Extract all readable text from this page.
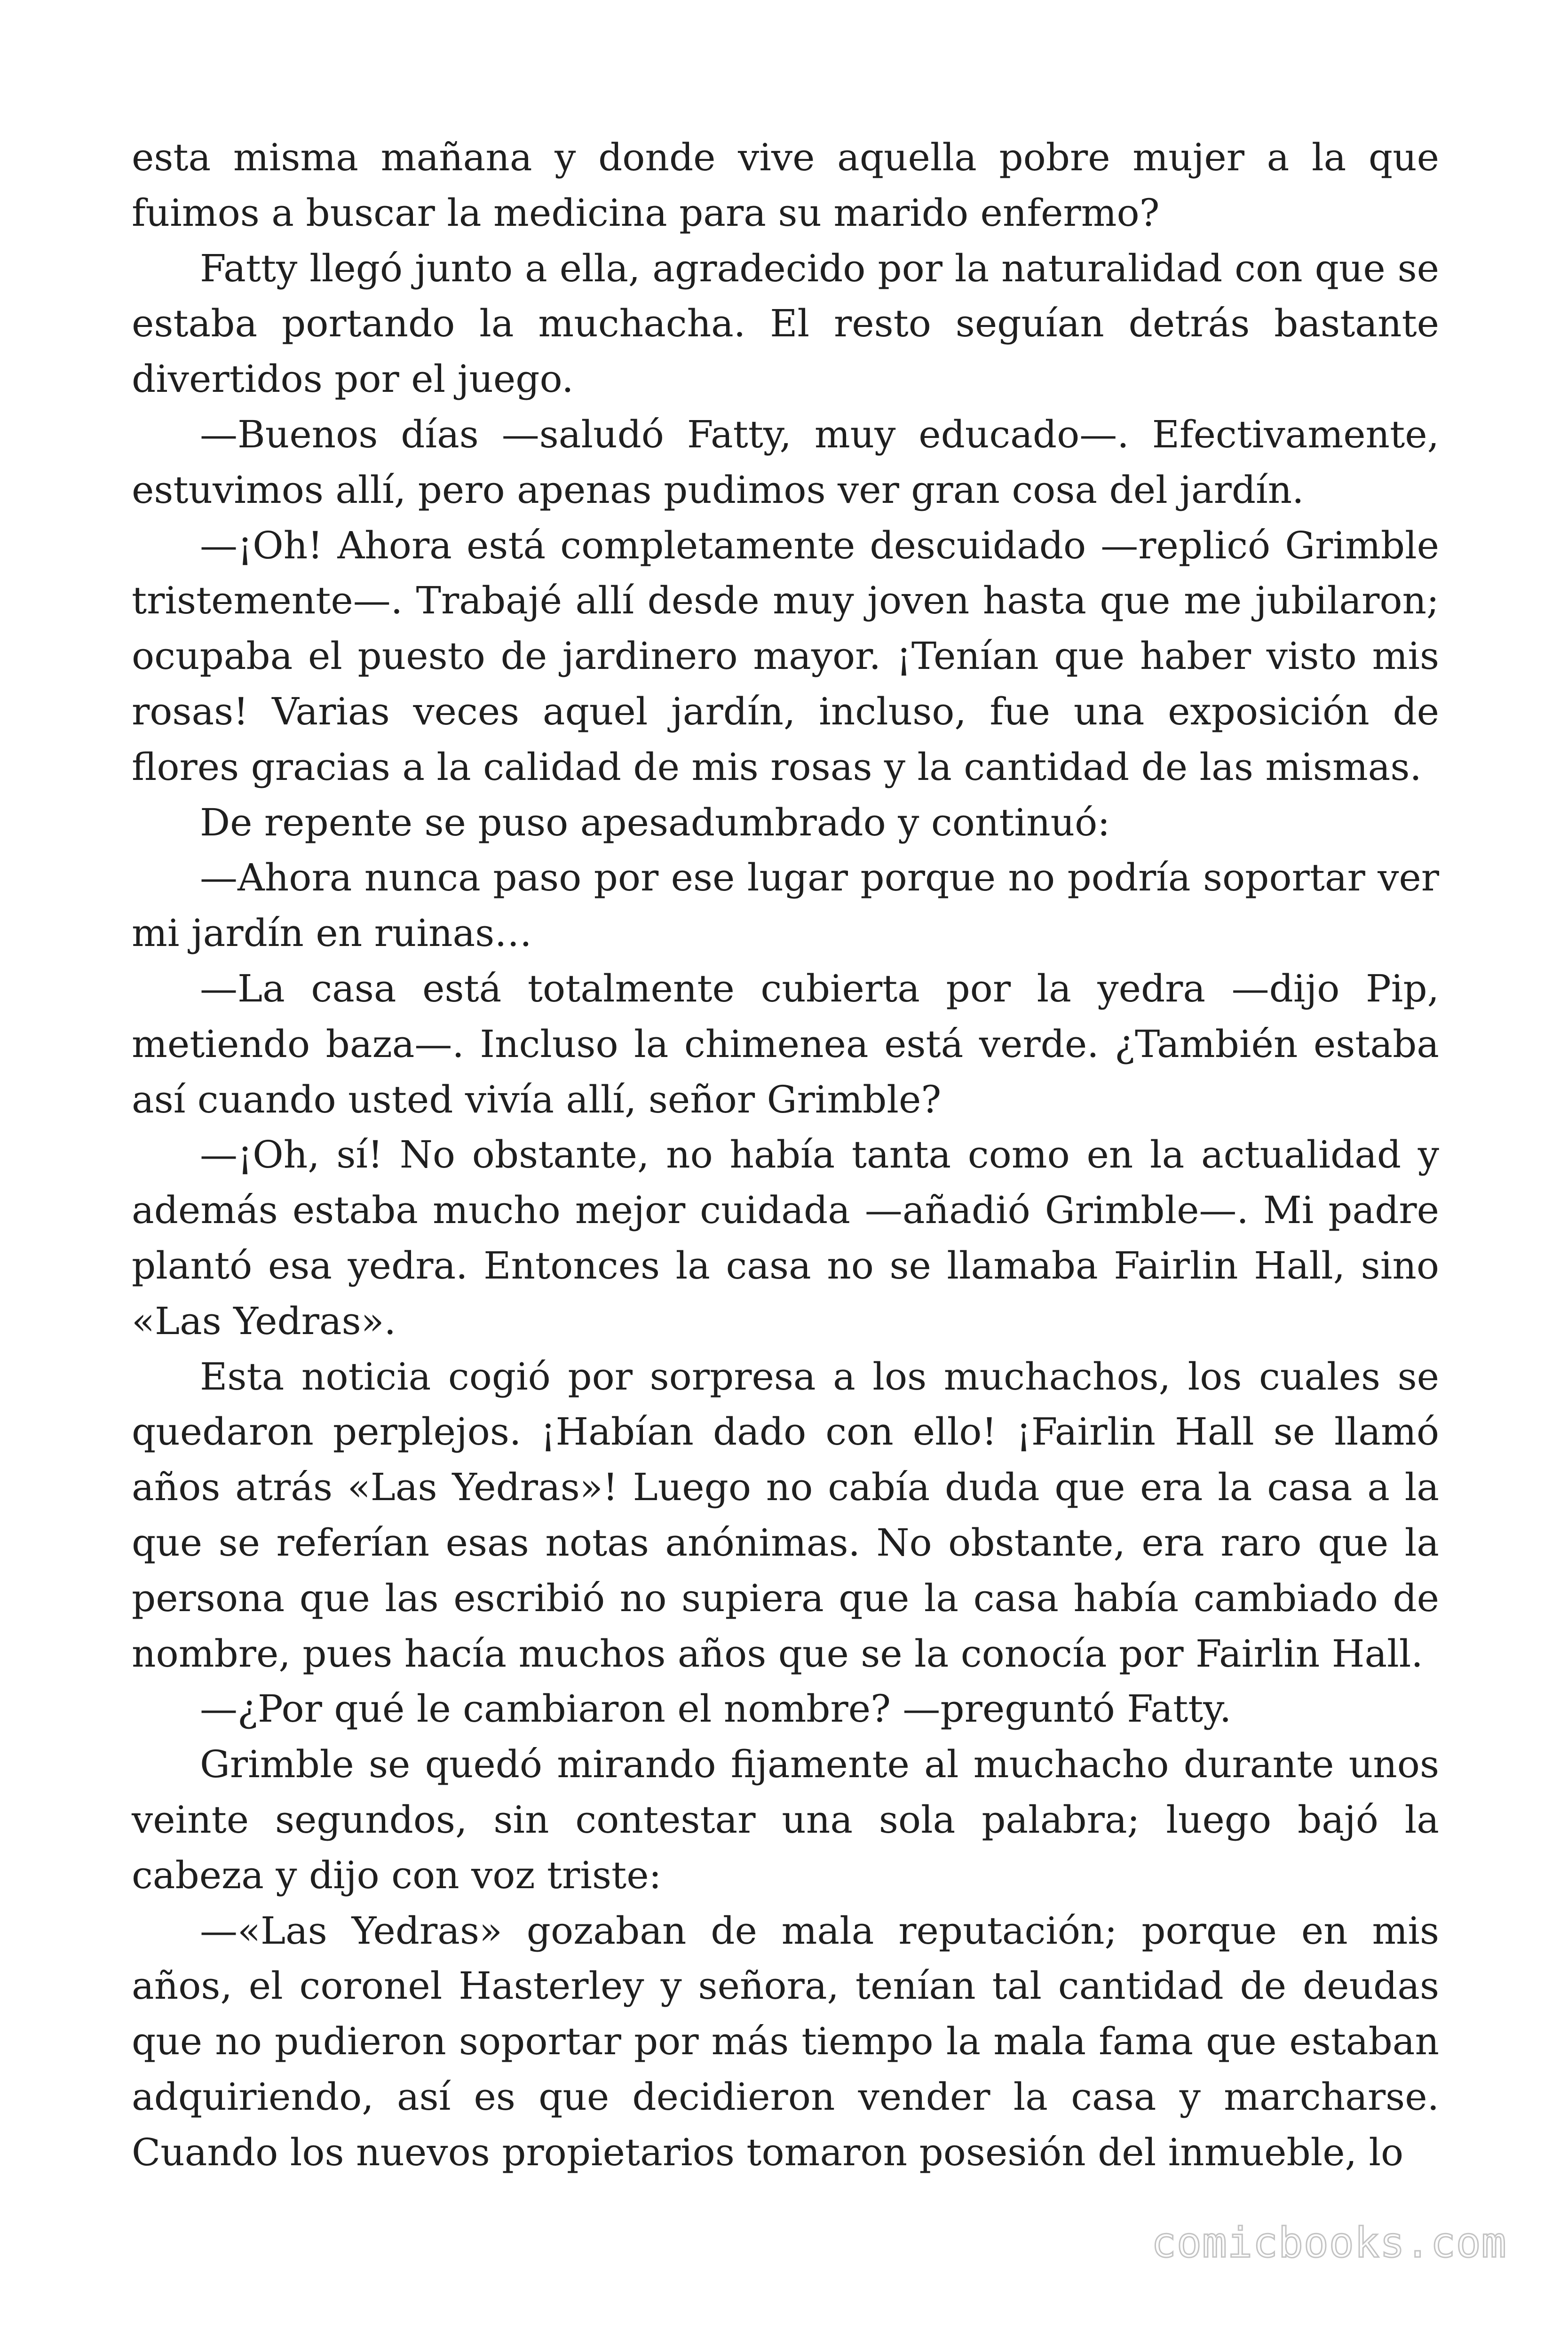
esta misma mañana y donde vive aquella pobre mujer a la que fuimos a buscar la medicina para su marido enfermo?

Fatty llegó junto a ella, agradecido por la naturalidad con que se estaba portando la muchacha. El resto seguían detrás bastante divertidos por el juego.

—Buenos días —saludó Fatty, muy educado—. Efectivamente, estuvimos allí, pero apenas pudimos ver gran cosa del jardín.

—¡Oh! Ahora está completamente descuidado —replicó Grimble tristemente—. Trabajé allí desde muy joven hasta que me jubilaron; ocupaba el puesto de jardinero mayor. ¡Tenían que haber visto mis rosas! Varias veces aquel jardín, incluso, fue una exposición de flores gracias a la calidad de mis rosas y la cantidad de las mismas.

De repente se puso apesadumbrado y continuó:

—Ahora nunca paso por ese lugar porque no podría soportar ver mi jardín en ruinas…

—La casa está totalmente cubierta por la yedra —dijo Pip, metiendo baza—. Incluso la chimenea está verde. ¿También estaba así cuando usted vivía allí, señor Grimble?

—¡Oh, sí! No obstante, no había tanta como en la actualidad y además estaba mucho mejor cuidada —añadió Grimble—. Mi padre plantó esa yedra. Entonces la casa no se llamaba Fairlin Hall, sino «Las Yedras».

Esta noticia cogió por sorpresa a los muchachos, los cuales se quedaron perplejos. ¡Habían dado con ello! ¡Fairlin Hall se llamó años atrás «Las Yedras»! Luego no cabía duda que era la casa a la que se referían esas notas anónimas. No obstante, era raro que la persona que las escribió no supiera que la casa había cambiado de nombre, pues hacía muchos años que se la conocía por Fairlin Hall.

—¿Por qué le cambiaron el nombre? —preguntó Fatty.

Grimble se quedó mirando fijamente al muchacho durante unos veinte segundos, sin contestar una sola palabra; luego bajó la cabeza y dijo con voz triste:

—«Las Yedras» gozaban de mala reputación; porque en mis años, el coronel Hasterley y señora, tenían tal cantidad de deudas que no pudieron soportar por más tiempo la mala fama que estaban adquiriendo, así es que decidieron vender la casa y marcharse. Cuando los nuevos propietarios tomaron posesión del inmueble, lo

comicbooks.com
